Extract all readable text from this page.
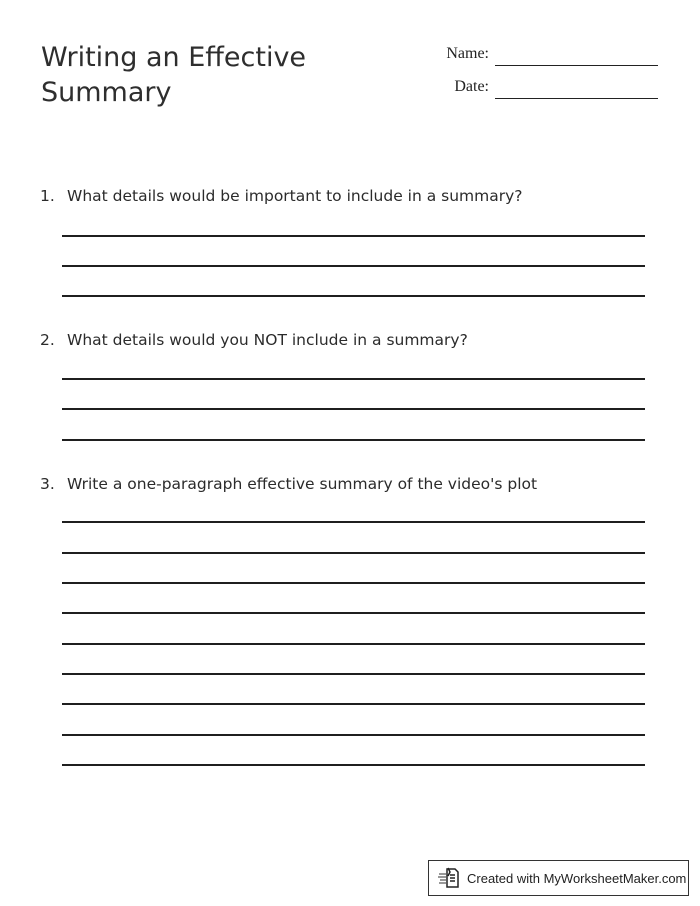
Writing an Effective Summary
Name:
Date:
1. What details would be important to include in a summary?
2. What details would you NOT include in a summary?
3. Write a one-paragraph effective summary of the video's plot
Created with MyWorksheetMaker.com
